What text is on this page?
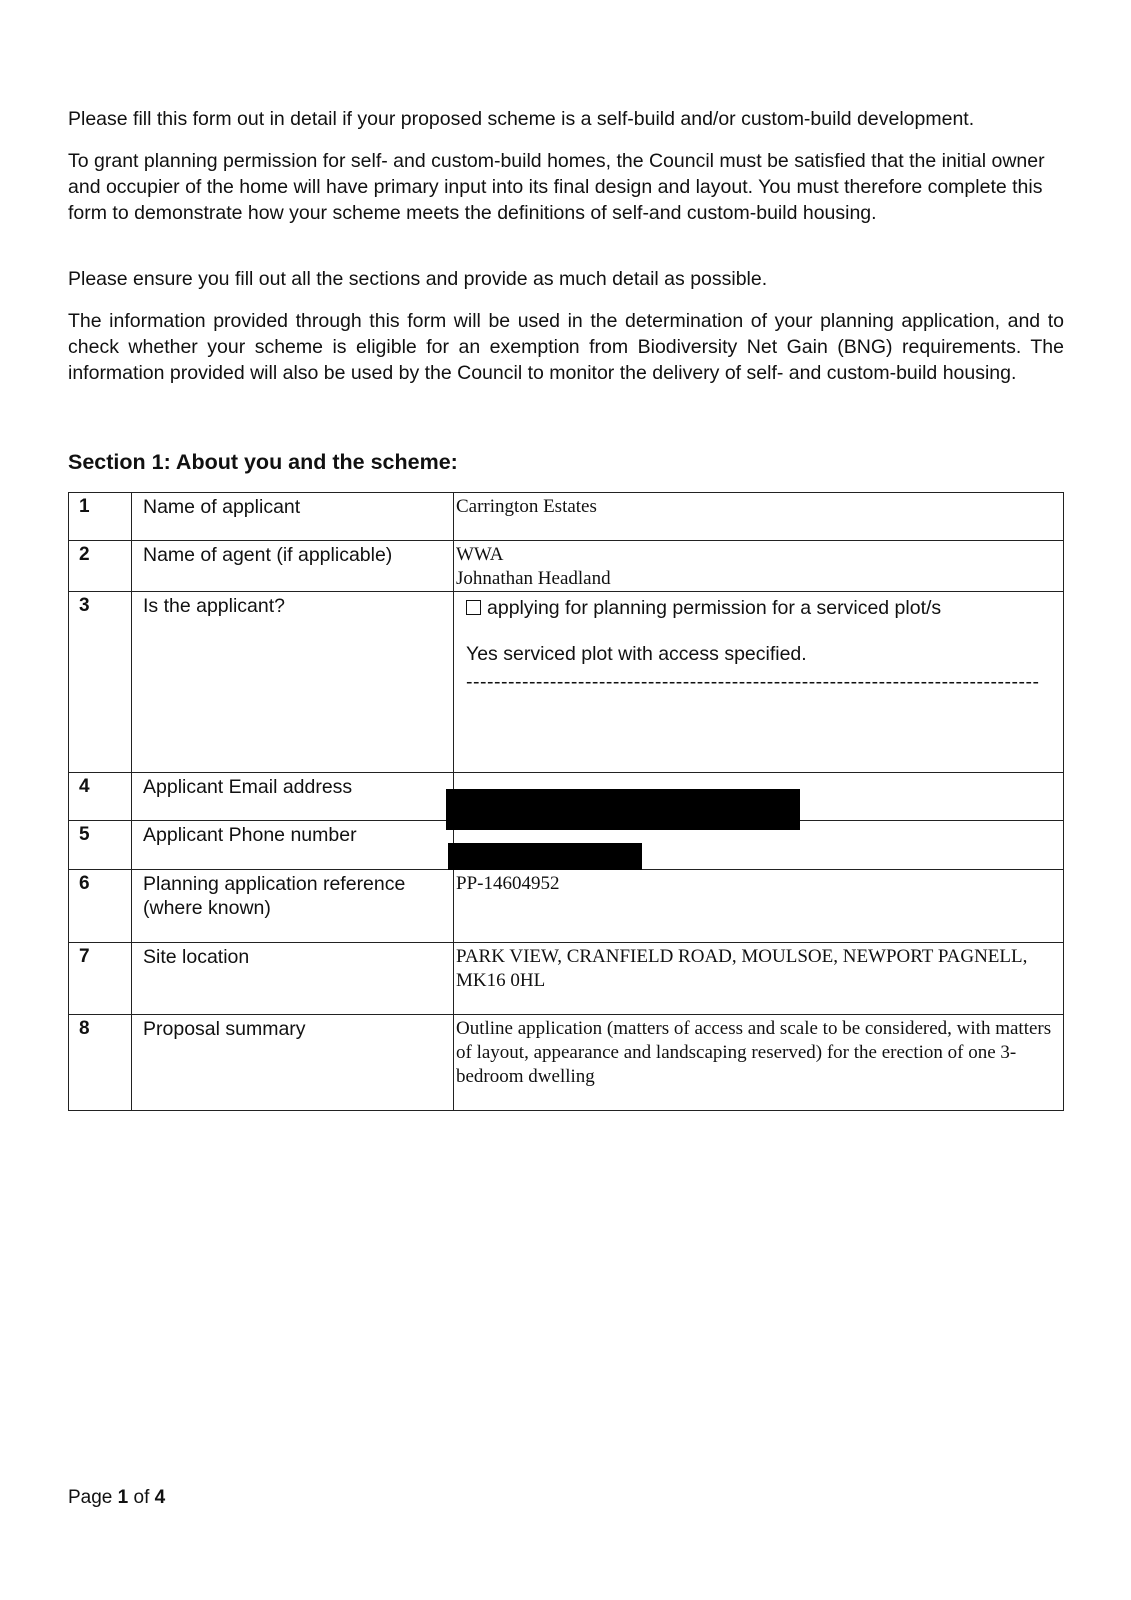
Please fill this form out in detail if your proposed scheme is a self-build and/or custom-build development.

To grant planning permission for self- and custom-build homes, the Council must be satisfied that the initial owner and occupier of the home will have primary input into its final design and layout. You must therefore complete this form to demonstrate how your scheme meets the definitions of self-and custom-build housing.

Please ensure you fill out all the sections and provide as much detail as possible.

The information provided through this form will be used in the determination of your planning application, and to check whether your scheme is eligible for an exemption from Biodiversity Net Gain (BNG) requirements. The information provided will also be used by the Council to monitor the delivery of self- and custom-build housing.

Section 1: About you and the scheme:
1	Name of applicant	Carrington Estates
2	Name of agent (if applicable)	WWA
Johnathan Headland

3	Is the applicant?	applying for planning permission for a serviced plot/s
Yes serviced plot with access specified.
----------------------------------------------------------------------------------

4	Applicant Email address	

5	Applicant Phone number	

6	Planning application reference (where known)	PP-14604952
7	Site location	PARK VIEW, CRANFIELD ROAD, MOULSOE, NEWPORT PAGNELL, MK16 0HL
8	Proposal summary	Outline application (matters of access and scale to be considered, with matters of layout, appearance and landscaping reserved) for the erection of one 3-bedroom dwelling
Page 1 of 4
